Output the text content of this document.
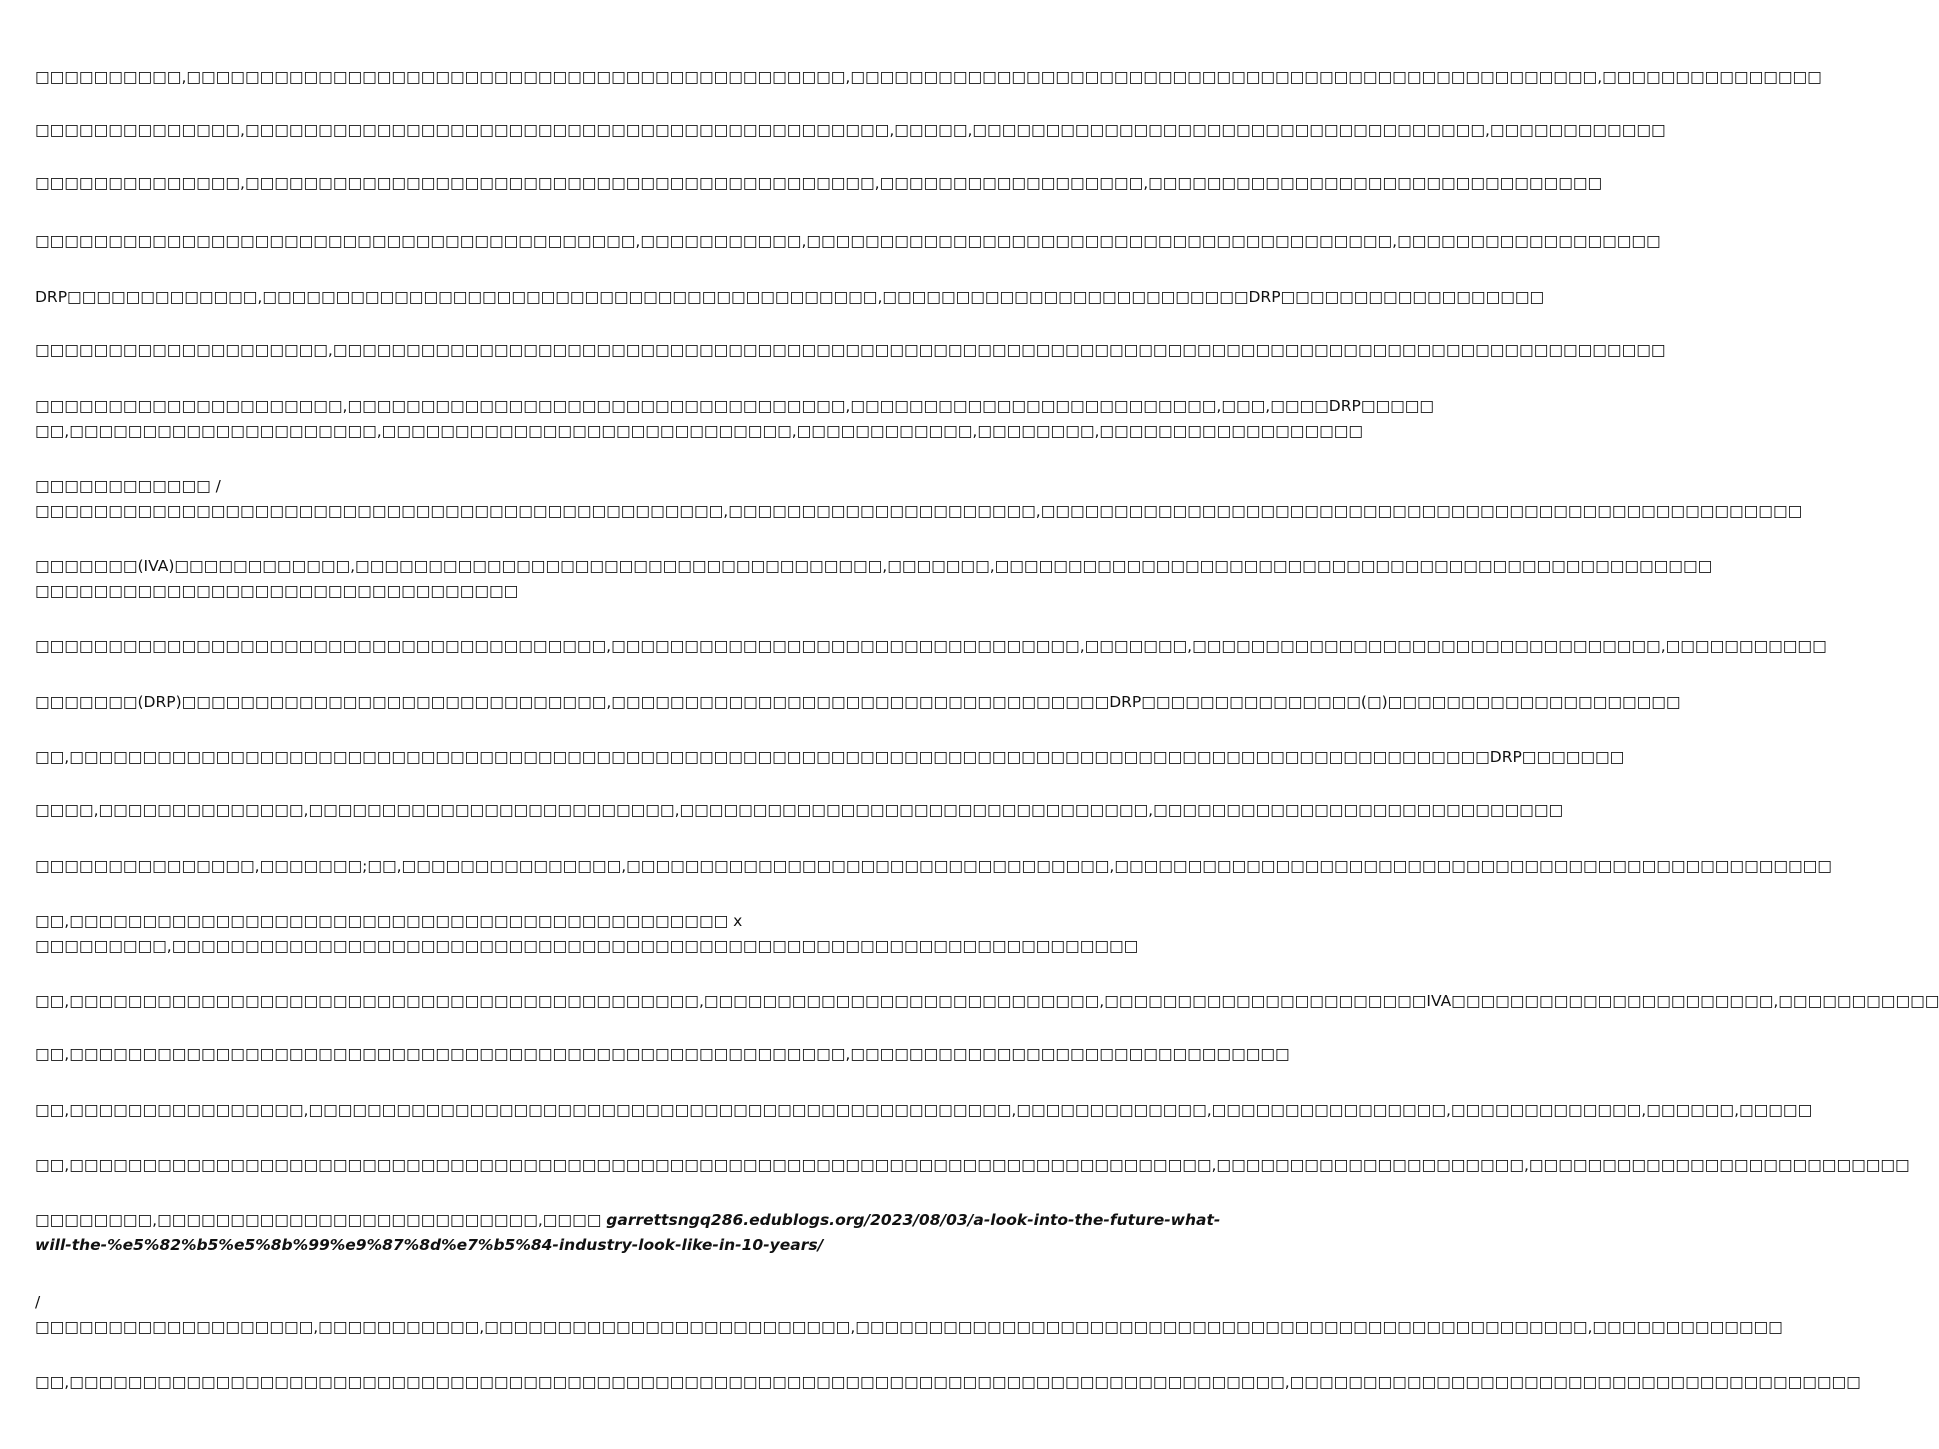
□□□□□□□□□□,□□□□□□□□□□□□□□□□□□□□□□□□□□□□□□□□□□□□□□□□□□□□□,□□□□□□□□□□□□□□□□□□□□□□□□□□□□□□□□□□□□□□□□□□□□□□□□□□□,□□□□□□□□□□□□□□□

□□□□□□□□□□□□□□,□□□□□□□□□□□□□□□□□□□□□□□□□□□□□□□□□□□□□□□□□□□□,□□□□□,□□□□□□□□□□□□□□□□□□□□□□□□□□□□□□□□□□□,□□□□□□□□□□□□

□□□□□□□□□□□□□□,□□□□□□□□□□□□□□□□□□□□□□□□□□□□□□□□□□□□□□□□□□□,□□□□□□□□□□□□□□□□□□,□□□□□□□□□□□□□□□□□□□□□□□□□□□□□□□

□□□□□□□□□□□□□□□□□□□□□□□□□□□□□□□□□□□□□□□□□,□□□□□□□□□□□,□□□□□□□□□□□□□□□□□□□□□□□□□□□□□□□□□□□□□□□□,□□□□□□□□□□□□□□□□□□

DRP□□□□□□□□□□□□□,□□□□□□□□□□□□□□□□□□□□□□□□□□□□□□□□□□□□□□□□□□,□□□□□□□□□□□□□□□□□□□□□□□□□DRP□□□□□□□□□□□□□□□□□□

□□□□□□□□□□□□□□□□□□□□,□□□□□□□□□□□□□□□□□□□□□□□□□□□□□□□□□□□□□□□□□□□□□□□□□□□□□□□□□□□□□□□□□□□□□□□□□□□□□□□□□□□□□□□□□□□

□□□□□□□□□□□□□□□□□□□□□,□□□□□□□□□□□□□□□□□□□□□□□□□□□□□□□□□□,□□□□□□□□□□□□□□□□□□□□□□□□□,□□□,□□□□DRP□□□□□
□□,□□□□□□□□□□□□□□□□□□□□□,□□□□□□□□□□□□□□□□□□□□□□□□□□□□,□□□□□□□□□□□□,□□□□□□□□,□□□□□□□□□□□□□□□□□□

□□□□□□□□□□□□ /
□□□□□□□□□□□□□□□□□□□□□□□□□□□□□□□□□□□□□□□□□□□□□□□,□□□□□□□□□□□□□□□□□□□□□,□□□□□□□□□□□□□□□□□□□□□□□□□□□□□□□□□□□□□□□□□□□□□□□□□□□□

□□□□□□□(IVA)□□□□□□□□□□□□,□□□□□□□□□□□□□□□□□□□□□□□□□□□□□□□□□□□□,□□□□□□□,□□□□□□□□□□□□□□□□□□□□□□□□□□□□□□□□□□□□□□□□□□□□□□□□□
□□□□□□□□□□□□□□□□□□□□□□□□□□□□□□□□□

□□□□□□□□□□□□□□□□□□□□□□□□□□□□□□□□□□□□□□□,□□□□□□□□□□□□□□□□□□□□□□□□□□□□□□□□,□□□□□□□,□□□□□□□□□□□□□□□□□□□□□□□□□□□□□□□□,□□□□□□□□□□□

□□□□□□□(DRP)□□□□□□□□□□□□□□□□□□□□□□□□□□□□□,□□□□□□□□□□□□□□□□□□□□□□□□□□□□□□□□□□DRP□□□□□□□□□□□□□□□(□)□□□□□□□□□□□□□□□□□□□□

□□,□□□□□□□□□□□□□□□□□□□□□□□□□□□□□□□□□□□□□□□□□□□□□□□□□□□□□□□□□□□□□□□□□□□□□□□□□□□□□□□□□□□□□□□□□□□□□□□□□DRP□□□□□□□

□□□□,□□□□□□□□□□□□□□,□□□□□□□□□□□□□□□□□□□□□□□□□,□□□□□□□□□□□□□□□□□□□□□□□□□□□□□□□□,□□□□□□□□□□□□□□□□□□□□□□□□□□□□

□□□□□□□□□□□□□□□,□□□□□□□;□□,□□□□□□□□□□□□□□□,□□□□□□□□□□□□□□□□□□□□□□□□□□□□□□□□□,□□□□□□□□□□□□□□□□□□□□□□□□□□□□□□□□□□□□□□□□□□□□□□□□□

□□,□□□□□□□□□□□□□□□□□□□□□□□□□□□□□□□□□□□□□□□□□□□□□ x
□□□□□□□□□,□□□□□□□□□□□□□□□□□□□□□□□□□□□□□□□□□□□□□□□□□□□□□□□□□□□□□□□□□□□□□□□□□□

□□,□□□□□□□□□□□□□□□□□□□□□□□□□□□□□□□□□□□□□□□□□□□,□□□□□□□□□□□□□□□□□□□□□□□□□□□,□□□□□□□□□□□□□□□□□□□□□□IVA□□□□□□□□□□□□□□□□□□□□□□,□□□□□□□□□□□

□□,□□□□□□□□□□□□□□□□□□□□□□□□□□□□□□□□□□□□□□□□□□□□□□□□□□□□□,□□□□□□□□□□□□□□□□□□□□□□□□□□□□□□

□□,□□□□□□□□□□□□□□□□,□□□□□□□□□□□□□□□□□□□□□□□□□□□□□□□□□□□□□□□□□□□□□□□□,□□□□□□□□□□□□□,□□□□□□□□□□□□□□□□,□□□□□□□□□□□□□,□□□□□□,□□□□□

□□,□□□□□□□□□□□□□□□□□□□□□□□□□□□□□□□□□□□□□□□□□□□□□□□□□□□□□□□□□□□□□□□□□□□□□□□□□□□□□□,□□□□□□□□□□□□□□□□□□□□□,□□□□□□□□□□□□□□□□□□□□□□□□□□

□□□□□□□□,□□□□□□□□□□□□□□□□□□□□□□□□□□,□□□□ garrettsngq286.edublogs.org/2023/08/03/a-look-into-the-future-what-
will-the-%e5%82%b5%e5%8b%99%e9%87%8d%e7%b5%84-industry-look-like-in-10-years/

/
□□□□□□□□□□□□□□□□□□□,□□□□□□□□□□□,□□□□□□□□□□□□□□□□□□□□□□□□□,□□□□□□□□□□□□□□□□□□□□□□□□□□□□□□□□□□□□□□□□□□□□□□□□□□,□□□□□□□□□□□□□

□□,□□□□□□□□□□□□□□□□□□□□□□□□□□□□□□□□□□□□□□□□□□□□□□□□□□□□□□□□□□□□□□□□□□□□□□□□□□□□□□□□□□□,□□□□□□□□□□□□□□□□□□□□□□□□□□□□□□□□□□□□□□□
